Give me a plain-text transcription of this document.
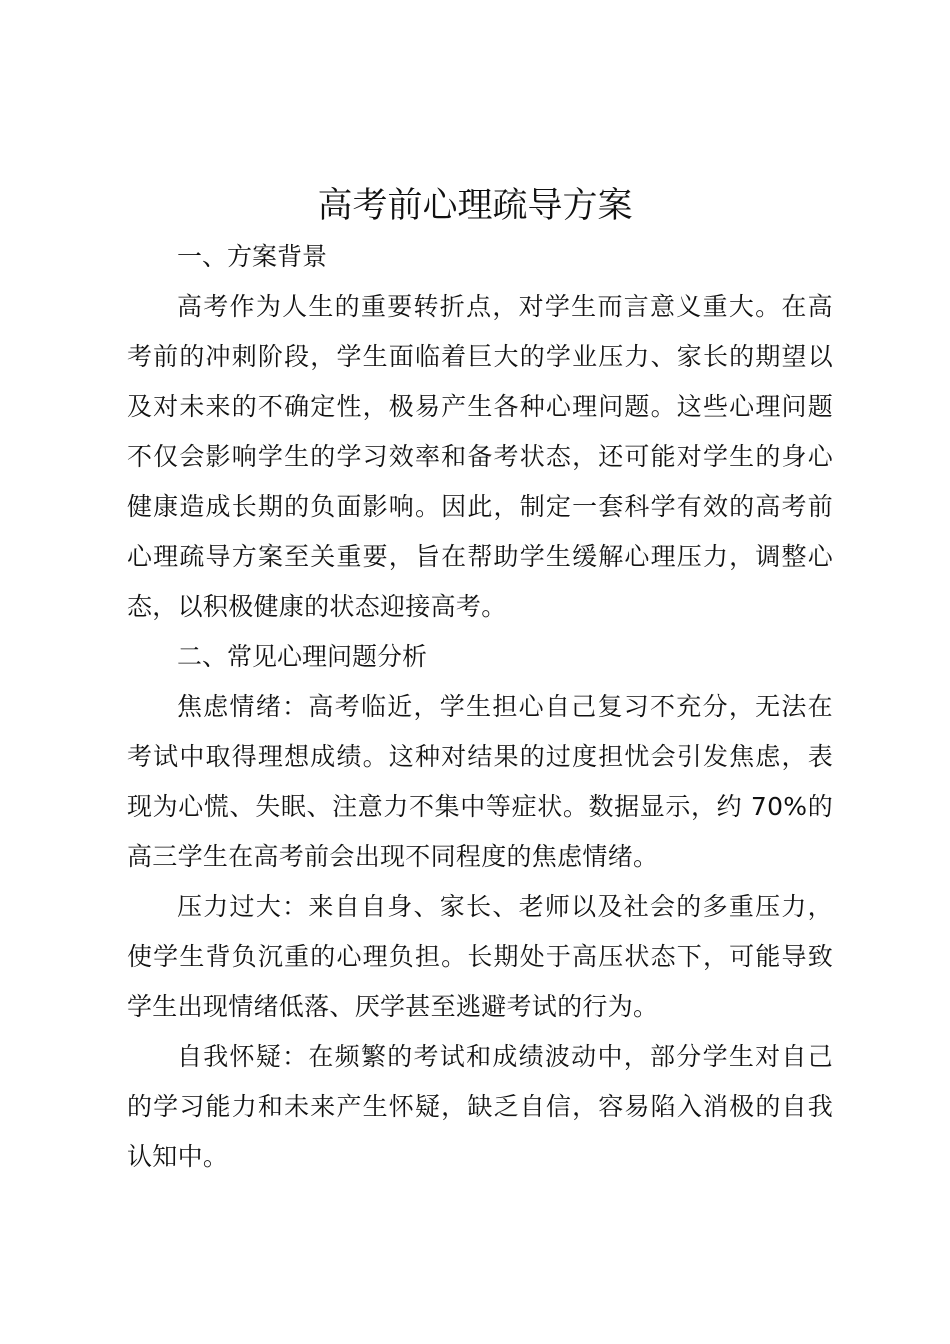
高考前心理疏导方案
一、方案背景

高考作为人生的重要转折点，对学生而言意义重大。在高考前的冲刺阶段，学生面临着巨大的学业压力、家长的期望以及对未来的不确定性，极易产生各种心理问题。这些心理问题不仅会影响学生的学习效率和备考状态，还可能对学生的身心健康造成长期的负面影响。因此，制定一套科学有效的高考前心理疏导方案至关重要，旨在帮助学生缓解心理压力，调整心态，以积极健康的状态迎接高考。

二、常见心理问题分析

焦虑情绪：高考临近，学生担心自己复习不充分，无法在考试中取得理想成绩。这种对结果的过度担忧会引发焦虑，表现为心慌、失眠、注意力不集中等症状。数据显示，约 70%的高三学生在高考前会出现不同程度的焦虑情绪。

压力过大：来自自身、家长、老师以及社会的多重压力，使学生背负沉重的心理负担。长期处于高压状态下，可能导致学生出现情绪低落、厌学甚至逃避考试的行为。

自我怀疑：在频繁的考试和成绩波动中，部分学生对自己的学习能力和未来产生怀疑，缺乏自信，容易陷入消极的自我认知中。
